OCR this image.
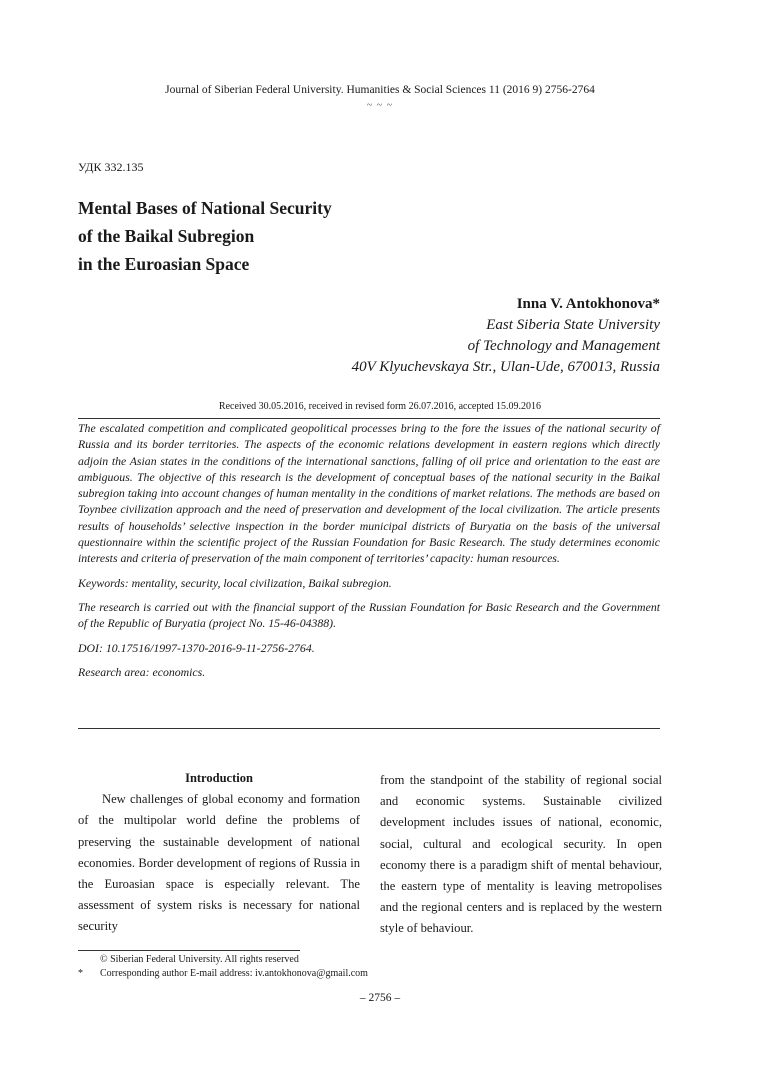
Journal of Siberian Federal University. Humanities & Social Sciences 11 (2016 9) 2756-2764
~ ~ ~
УДК 332.135
Mental Bases of National Security
of the Baikal Subregion
in the Euroasian Space
Inna V. Antokhonova*
East Siberia State University
of Technology and Management
40V Klyuchevskaya Str., Ulan-Ude, 670013, Russia
Received 30.05.2016, received in revised form 26.07.2016, accepted 15.09.2016

The escalated competition and complicated geopolitical processes bring to the fore the issues of the national security of Russia and its border territories. The aspects of the economic relations development in eastern regions which directly adjoin the Asian states in the conditions of the international sanctions, falling of oil price and orientation to the east are ambiguous. The objective of this research is the development of conceptual bases of the national security in the Baikal subregion taking into account changes of human mentality in the conditions of market relations. The methods are based on Toynbee civilization approach and the need of preservation and development of the local civilization. The article presents results of households’ selective inspection in the border municipal districts of Buryatia on the basis of the universal questionnaire within the scientific project of the Russian Foundation for Basic Research. The study determines economic interests and criteria of preservation of the main component of territories’ capacity: human resources.

Keywords: mentality, security, local civilization, Baikal subregion.

The research is carried out with the financial support of the Russian Foundation for Basic Research and the Government of the Republic of Buryatia (project No. 15-46-04388).

DOI: 10.17516/1997-1370-2016-9-11-2756-2764.

Research area: economics.

Introduction

New challenges of global economy and formation of the multipolar world define the problems of preserving the sustainable development of national economies. Border development of regions of Russia in the Euroasian space is especially relevant. The assessment of system risks is necessary for national security

from the standpoint of the stability of regional social and economic systems. Sustainable civilized development includes issues of national, economic, social, cultural and ecological security. In open economy there is a paradigm shift of mental behaviour, the eastern type of mentality is leaving metropolises and the regional centers and is replaced by the western style of behaviour.

© Siberian Federal University. All rights reserved
*	Corresponding author E-mail address: iv.antokhonova@gmail.com
– 2756 –
